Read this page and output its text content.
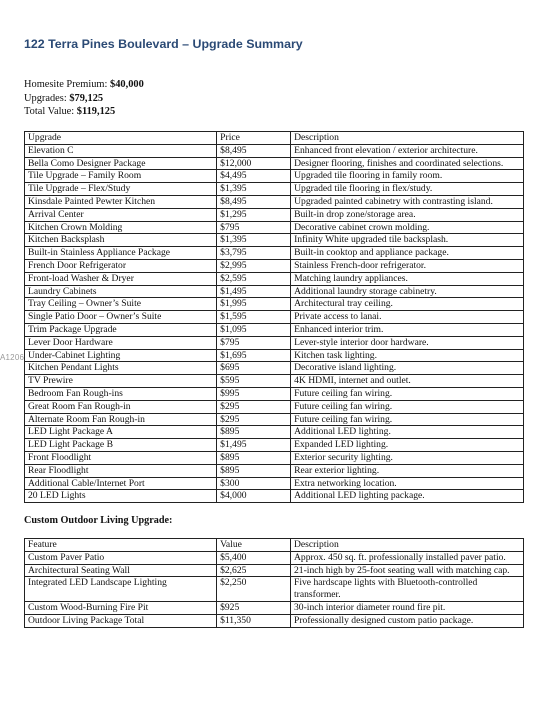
122 Terra Pines Boulevard – Upgrade Summary
Homesite Premium: $40,000
Upgrades: $79,125
Total Value: $119,125
Upgrade	Price	Description
Elevation C	$8,495	Enhanced front elevation / exterior architecture.
Bella Como Designer Package	$12,000	Designer flooring, finishes and coordinated selections.
Tile Upgrade – Family Room	$4,495	Upgraded tile flooring in family room.
Tile Upgrade – Flex/Study	$1,395	Upgraded tile flooring in flex/study.
Kinsdale Painted Pewter Kitchen	$8,495	Upgraded painted cabinetry with contrasting island.
Arrival Center	$1,295	Built-in drop zone/storage area.
Kitchen Crown Molding	$795	Decorative cabinet crown molding.
Kitchen Backsplash	$1,395	Infinity White upgraded tile backsplash.
Built-in Stainless Appliance Package	$3,795	Built-in cooktop and appliance package.
French Door Refrigerator	$2,995	Stainless French-door refrigerator.
Front-load Washer & Dryer	$2,595	Matching laundry appliances.
Laundry Cabinets	$1,495	Additional laundry storage cabinetry.
Tray Ceiling – Owner’s Suite	$1,995	Architectural tray ceiling.
Single Patio Door – Owner’s Suite	$1,595	Private access to lanai.
Trim Package Upgrade	$1,095	Enhanced interior trim.
Lever Door Hardware	$795	Lever-style interior door hardware.
Under-Cabinet Lighting	$1,695	Kitchen task lighting.
Kitchen Pendant Lights	$695	Decorative island lighting.
TV Prewire	$595	4K HDMI, internet and outlet.
Bedroom Fan Rough-ins	$995	Future ceiling fan wiring.
Great Room Fan Rough-in	$295	Future ceiling fan wiring.
Alternate Room Fan Rough-in	$295	Future ceiling fan wiring.
LED Light Package A	$895	Additional LED lighting.
LED Light Package B	$1,495	Expanded LED lighting.
Front Floodlight	$895	Exterior security lighting.
Rear Floodlight	$895	Rear exterior lighting.
Additional Cable/Internet Port	$300	Extra networking location.
20 LED Lights	$4,000	Additional LED lighting package.
Custom Outdoor Living Upgrade:
Feature	Value	Description
Custom Paver Patio	$5,400	Approx. 450 sq. ft. professionally installed paver patio.
Architectural Seating Wall	$2,625	21-inch high by 25-foot seating wall with matching cap.
Integrated LED Landscape Lighting	$2,250	Five hardscape lights with Bluetooth-controlled transformer.
Custom Wood-Burning Fire Pit	$925	30-inch interior diameter round fire pit.
Outdoor Living Package Total	$11,350	Professionally designed custom patio package.
A1206
